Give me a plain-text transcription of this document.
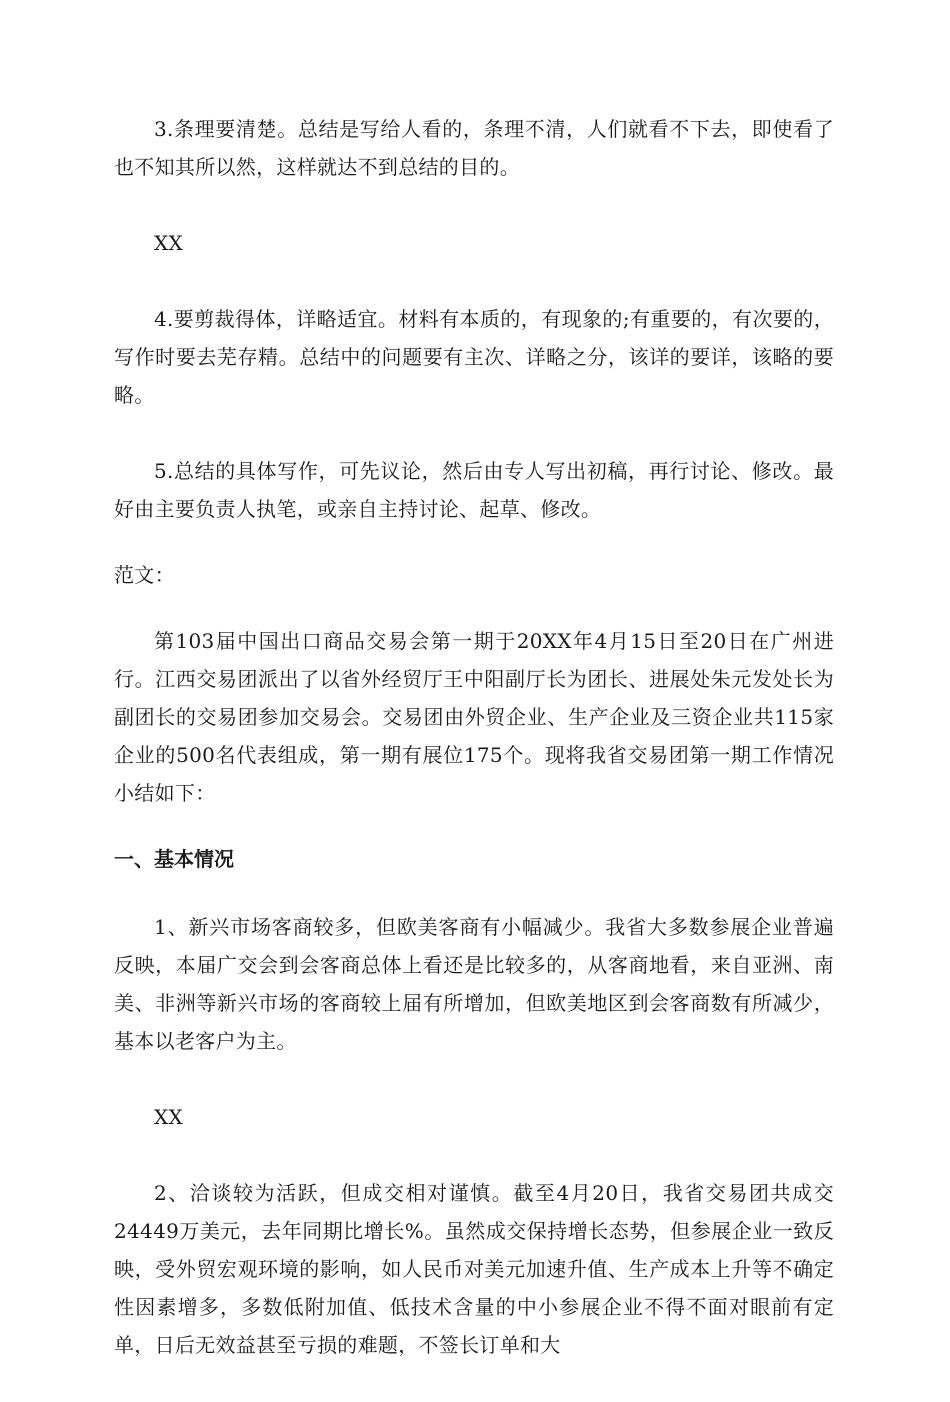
3.条理要清楚。总结是写给人看的，条理不清，人们就看不下去，即使看了也不知其所以然，这样就达不到总结的目的。

XX

4.要剪裁得体，详略适宜。材料有本质的，有现象的;有重要的，有次要的，写作时要去芜存精。总结中的问题要有主次、详略之分，该详的要详，该略的要略。

5.总结的具体写作，可先议论，然后由专人写出初稿，再行讨论、修改。最好由主要负责人执笔，或亲自主持讨论、起草、修改。

范文：

第103届中国出口商品交易会第一期于20XX年4月15日至20日在广州进行。江西交易团派出了以省外经贸厅王中阳副厅长为团长、进展处朱元发处长为副团长的交易团参加交易会。交易团由外贸企业、生产企业及三资企业共115家企业的500名代表组成，第一期有展位175个。现将我省交易团第一期工作情况小结如下：

一、基本情况

1、新兴市场客商较多，但欧美客商有小幅减少。我省大多数参展企业普遍反映，本届广交会到会客商总体上看还是比较多的，从客商地看，来自亚洲、南美、非洲等新兴市场的客商较上届有所增加，但欧美地区到会客商数有所减少，基本以老客户为主。

XX

2、洽谈较为活跃，但成交相对谨慎。截至4月20日，我省交易团共成交24449万美元，去年同期比增长%。虽然成交保持增长态势，但参展企业一致反映，受外贸宏观环境的影响，如人民币对美元加速升值、生产成本上升等不确定性因素增多，多数低附加值、低技术含量的中小参展企业不得不面对眼前有定单，日后无效益甚至亏损的难题，不签长订单和大
